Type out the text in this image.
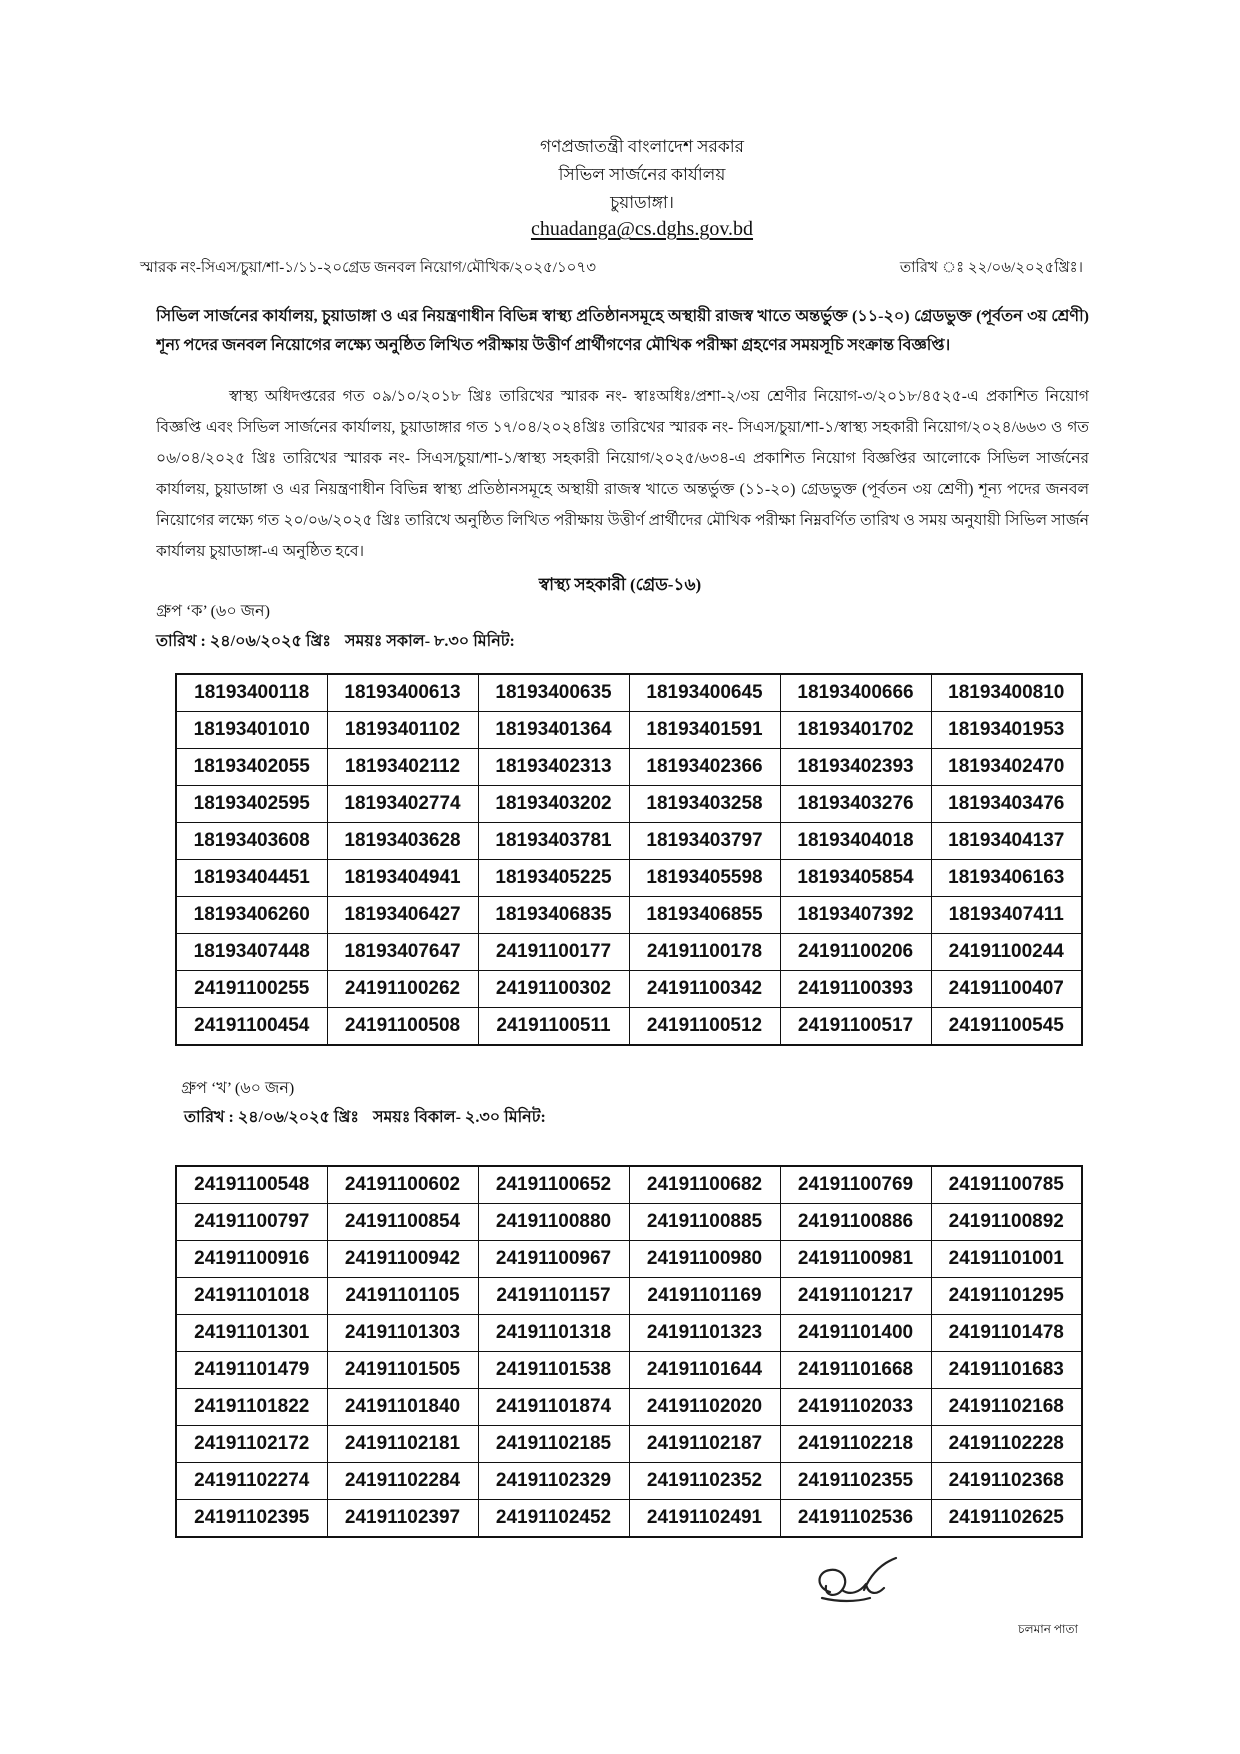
গণপ্রজাতন্ত্রী বাংলাদেশ সরকার
সিভিল সার্জনের কার্যালয়
চুয়াডাঙ্গা।
chuadanga@cs.dghs.gov.bd
স্মারক নং-সিএস/চুয়া/শা-১/১১-২০গ্রেড জনবল নিয়োগ/মৌখিক/২০২৫/১০৭৩	তারিখ ঃ ২২/০৬/২০২৫খ্রিঃ।
সিভিল সার্জনের কার্যালয়, চুয়াডাঙ্গা ও এর নিয়ন্ত্রণাধীন বিভিন্ন স্বাস্থ্য প্রতিষ্ঠানসমূহে অস্থায়ী রাজস্ব খাতে অন্তর্ভুক্ত (১১-২০) গ্রেডভুক্ত (পূর্বতন ৩য় শ্রেণী) শূন্য পদের জনবল নিয়োগের লক্ষ্যে অনুষ্ঠিত লিখিত পরীক্ষায় উত্তীর্ণ প্রার্থীগণের মৌখিক পরীক্ষা গ্রহণের সময়সূচি সংক্রান্ত বিজ্ঞপ্তি।
স্বাস্থ্য অধিদপ্তরের গত ০৯/১০/২০১৮ খ্রিঃ তারিখের স্মারক নং- স্বাঃঅধিঃ/প্রশা-২/৩য় শ্রেণীর নিয়োগ-৩/২০১৮/৪৫২৫-এ প্রকাশিত নিয়োগ বিজ্ঞপ্তি এবং সিভিল সার্জনের কার্যালয়, চুয়াডাঙ্গার গত ১৭/০৪/২০২৪খ্রিঃ তারিখের স্মারক নং- সিএস/চুয়া/শা-১/স্বাস্থ্য সহকারী নিয়োগ/২০২৪/৬৬৩ ও গত ০৬/০৪/২০২৫ খ্রিঃ তারিখের স্মারক নং- সিএস/চুয়া/শা-১/স্বাস্থ্য সহকারী নিয়োগ/২০২৫/৬৩৪-এ প্রকাশিত নিয়োগ বিজ্ঞপ্তির আলোকে সিভিল সার্জনের কার্যালয়, চুয়াডাঙ্গা ও এর নিয়ন্ত্রণাধীন বিভিন্ন স্বাস্থ্য প্রতিষ্ঠানসমূহে অস্থায়ী রাজস্ব খাতে অন্তর্ভুক্ত (১১-২০) গ্রেডভুক্ত (পূর্বতন ৩য় শ্রেণী) শূন্য পদের জনবল নিয়োগের লক্ষ্যে গত ২০/০৬/২০২৫ খ্রিঃ তারিখে অনুষ্ঠিত লিখিত পরীক্ষায় উত্তীর্ণ প্রার্থীদের মৌখিক পরীক্ষা নিম্নবর্ণিত তারিখ ও সময় অনুযায়ী সিভিল সার্জন কার্যালয় চুয়াডাঙ্গা-এ অনুষ্ঠিত হবে।
স্বাস্থ্য সহকারী (গ্রেড-১৬)
গ্রুপ ‘ক’ (৬০ জন)
তারিখ : ২৪/০৬/২০২৫ খ্রিঃ সময়ঃ সকাল- ৮.৩০ মিনিট:
18193400118	18193400613	18193400635	18193400645	18193400666	18193400810
18193401010	18193401102	18193401364	18193401591	18193401702	18193401953
18193402055	18193402112	18193402313	18193402366	18193402393	18193402470
18193402595	18193402774	18193403202	18193403258	18193403276	18193403476
18193403608	18193403628	18193403781	18193403797	18193404018	18193404137
18193404451	18193404941	18193405225	18193405598	18193405854	18193406163
18193406260	18193406427	18193406835	18193406855	18193407392	18193407411
18193407448	18193407647	24191100177	24191100178	24191100206	24191100244
24191100255	24191100262	24191100302	24191100342	24191100393	24191100407
24191100454	24191100508	24191100511	24191100512	24191100517	24191100545
গ্রুপ ‘খ’ (৬০ জন)
তারিখ : ২৪/০৬/২০২৫ খ্রিঃ সময়ঃ বিকাল- ২.৩০ মিনিট:
24191100548	24191100602	24191100652	24191100682	24191100769	24191100785
24191100797	24191100854	24191100880	24191100885	24191100886	24191100892
24191100916	24191100942	24191100967	24191100980	24191100981	24191101001
24191101018	24191101105	24191101157	24191101169	24191101217	24191101295
24191101301	24191101303	24191101318	24191101323	24191101400	24191101478
24191101479	24191101505	24191101538	24191101644	24191101668	24191101683
24191101822	24191101840	24191101874	24191102020	24191102033	24191102168
24191102172	24191102181	24191102185	24191102187	24191102218	24191102228
24191102274	24191102284	24191102329	24191102352	24191102355	24191102368
24191102395	24191102397	24191102452	24191102491	24191102536	24191102625
চলমান পাতা
